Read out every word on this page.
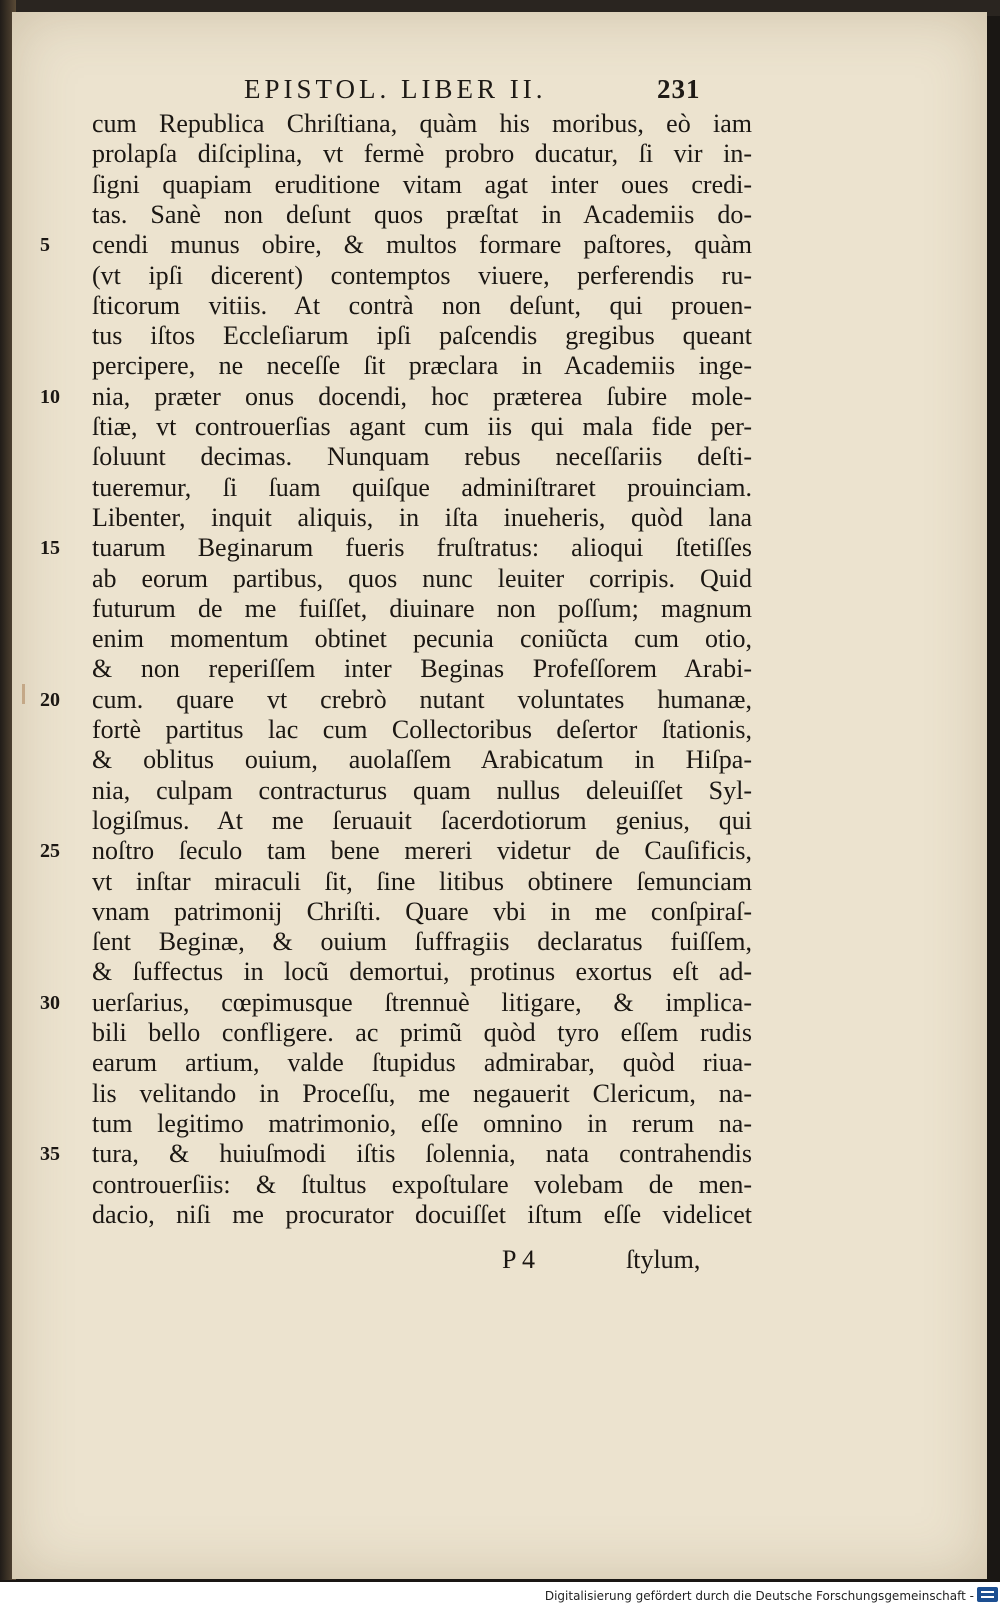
EPISTOL. LIBER II.	231
cum Republica Chriſtiana, quàm his moribus, eò iam
prolapſa diſciplina, vt fermè probro ducatur, ſi vir in-
ſigni quapiam eruditione vitam agat inter oues credi-
tas. Sanè non deſunt quos præſtat in Academiis do-
cendi munus obire, & multos formare paſtores, quàm
(vt ipſi dicerent) contemptos viuere, perferendis ru-
ſticorum vitiis. At contrà non deſunt, qui prouen-
tus iſtos Eccleſiarum ipſi paſcendis gregibus queant
percipere, ne neceſſe ſit præclara in Academiis inge-
nia, præter onus docendi, hoc præterea ſubire mole-
ſtiæ, vt controuerſias agant cum iis qui mala fide per-
ſoluunt decimas. Nunquam rebus neceſſariis deſti-
tueremur, ſi ſuam quiſque adminiſtraret prouinciam.
Libenter, inquit aliquis, in iſta inueheris, quòd lana
tuarum Beginarum fueris fruſtratus: alioqui ſtetiſſes
ab eorum partibus, quos nunc leuiter corripis. Quid
futurum de me fuiſſet, diuinare non poſſum; magnum
enim momentum obtinet pecunia coniũcta cum otio,
& non reperiſſem inter Beginas Profeſſorem Arabi-
cum. quare vt crebrò nutant voluntates humanæ,
fortè partitus lac cum Collectoribus deſertor ſtationis,
& oblitus ouium, auolaſſem Arabicatum in Hiſpa-
nia, culpam contracturus quam nullus deleuiſſet Syl-
logiſmus. At me ſeruauit ſacerdotiorum genius, qui
noſtro ſeculo tam bene mereri videtur de Cauſificis,
vt inſtar miraculi ſit, ſine litibus obtinere ſemunciam
vnam patrimonij Chriſti. Quare vbi in me conſpiraſ-
ſent Beginæ, & ouium ſuffragiis declaratus fuiſſem,
& ſuffectus in locũ demortui, protinus exortus eſt ad-
uerſarius, cœpimusque ſtrennuè litigare, & implica-
bili bello confligere. ac primũ quòd tyro eſſem rudis
earum artium, valde ſtupidus admirabar, quòd riua-
lis velitando in Proceſſu, me negauerit Clericum, na-
tum legitimo matrimonio, eſſe omnino in rerum na-
tura, & huiuſmodi iſtis ſolennia, nata contrahendis
controuerſiis: & ſtultus expoſtulare volebam de men-
dacio, niſi me procurator docuiſſet iſtum eſſe videlicet
5
10
15
20
25
30
35
P 4	ſtylum,
Digitalisierung gefördert durch die Deutsche Forschungsgemeinschaft -
